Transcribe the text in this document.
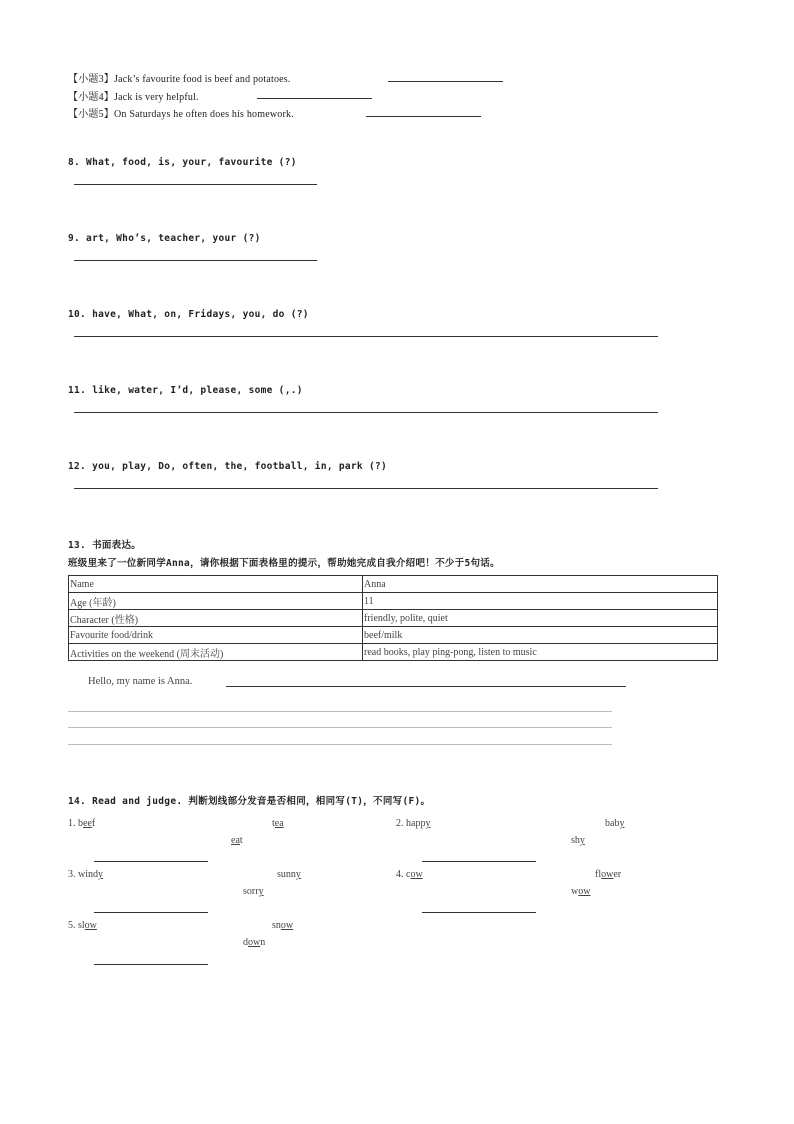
【小题3】Jack’s favourite food is beef and potatoes.
【小题4】Jack is very helpful.
【小题5】On Saturdays he often does his homework.
8. What, food, is, your, favourite (?)
9. art, Who’s, teacher, your (?)
10. have, What, on, Fridays, you, do (?)
11. like, water, I’d, please, some (,.)
12. you, play, Do, often, the, football, in, park (?)
13. 书面表达。
班级里来了一位新同学Anna，请你根据下面表格里的提示，帮助她完成自我介绍吧！不少于5句话。
Name	Anna
Age (年龄)	11
Character (性格)	friendly, polite, quiet
Favourite food/drink	beef/milk
Activities on the weekend (周末活动)	read books, play ping-pong, listen to music
Hello, my name is Anna.
14. Read and judge. 判断划线部分发音是否相同，相同写(T)，不同写(F)。
1. beef	tea
eat
2. happy	baby
shy
3. windy	sunny
sorry
4. cow	flower
wow
5. slow	snow
down
